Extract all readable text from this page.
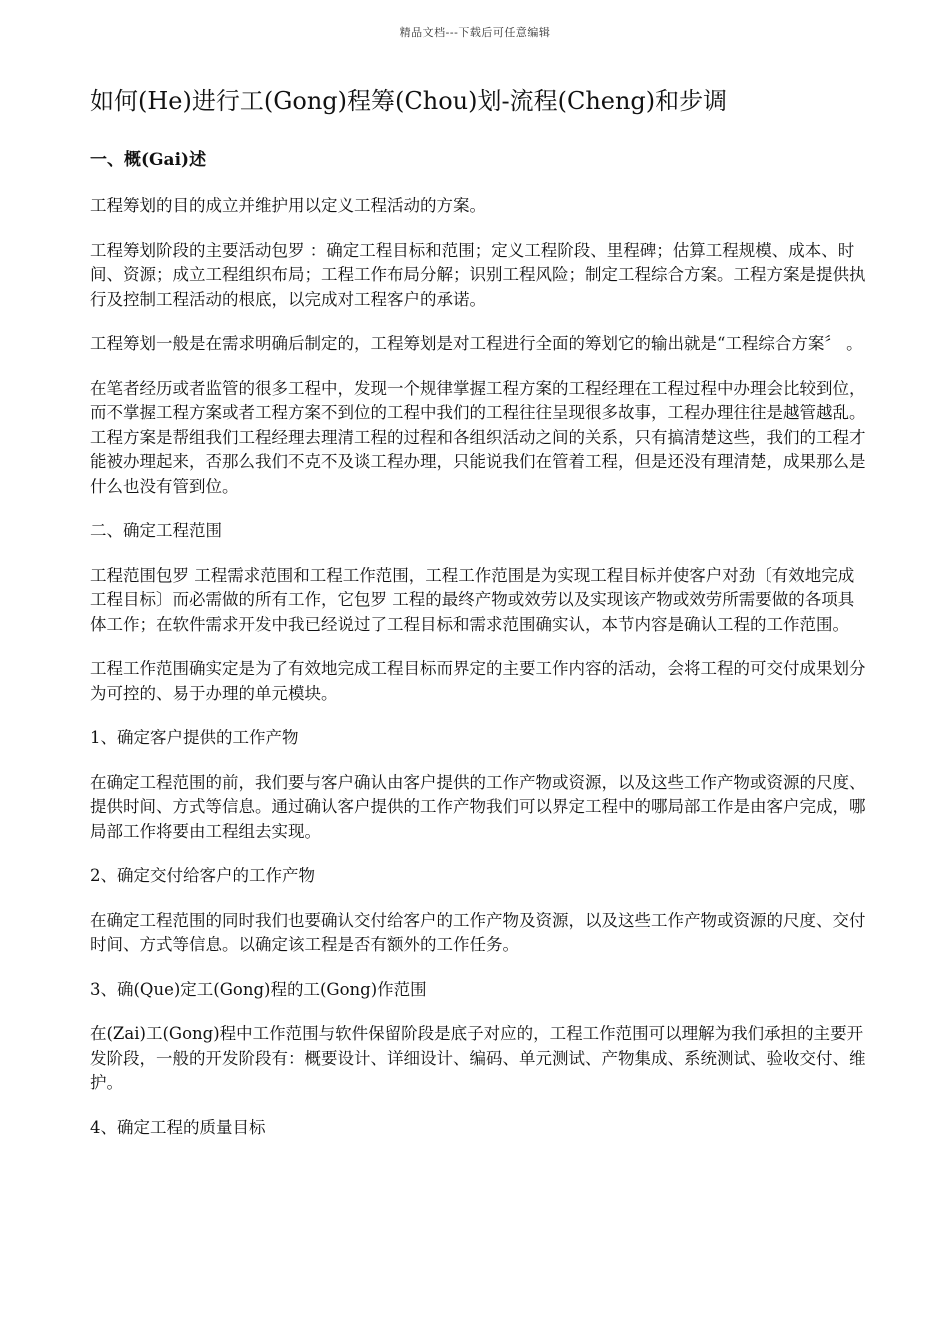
精品文档---下载后可任意编辑
如何(He)进行工(Gong)程筹(Chou)划-流程(Cheng)和步调
一、概(Gai)述

工程筹划的目的成立并维护用以定义工程活动的方案。

工程筹划阶段的主要活动包罗 ：确定工程目标和范围；定义工程阶段、里程碑；估算工程规模、成本、时间、资源；成立工程组织布局；工程工作布局分解；识别工程风险；制定工程综合方案。工程方案是提供执行及控制工程活动的根底，以完成对工程客户的承诺。

工程筹划一般是在需求明确后制定的，工程筹划是对工程进行全面的筹划它的输出就是“工程综合方案〞 。

在笔者经历或者监管的很多工程中，发现一个规律掌握工程方案的工程经理在工程过程中办理会比较到位，而不掌握工程方案或者工程方案不到位的工程中我们的工程往往呈现很多故事，工程办理往往是越管越乱。工程方案是帮组我们工程经理去理清工程的过程和各组织活动之间的关系，只有搞清楚这些，我们的工程才能被办理起来，否那么我们不克不及谈工程办理，只能说我们在管着工程，但是还没有理清楚，成果那么是什么也没有管到位。

二、确定工程范围

工程范围包罗 工程需求范围和工程工作范围，工程工作范围是为实现工程目标并使客户对劲〔有效地完成工程目标〕而必需做的所有工作，它包罗 工程的最终产物或效劳以及实现该产物或效劳所需要做的各项具体工作；在软件需求开发中我已经说过了工程目标和需求范围确实认，本节内容是确认工程的工作范围。

工程工作范围确实定是为了有效地完成工程目标而界定的主要工作内容的活动，会将工程的可交付成果划分为可控的、易于办理的单元模块。

1、确定客户提供的工作产物

在确定工程范围的前，我们要与客户确认由客户提供的工作产物或资源，以及这些工作产物或资源的尺度、提供时间、方式等信息。通过确认客户提供的工作产物我们可以界定工程中的哪局部工作是由客户完成，哪局部工作将要由工程组去实现。

2、确定交付给客户的工作产物

在确定工程范围的同时我们也要确认交付给客户的工作产物及资源，以及这些工作产物或资源的尺度、交付时间、方式等信息。以确定该工程是否有额外的工作任务。

3、确(Que)定工(Gong)程的工(Gong)作范围

在(Zai)工(Gong)程中工作范围与软件保留阶段是底子对应的，工程工作范围可以理解为我们承担的主要开发阶段，一般的开发阶段有：概要设计、详细设计、编码、单元测试、产物集成、系统测试、验收交付、维护。

4、确定工程的质量目标
